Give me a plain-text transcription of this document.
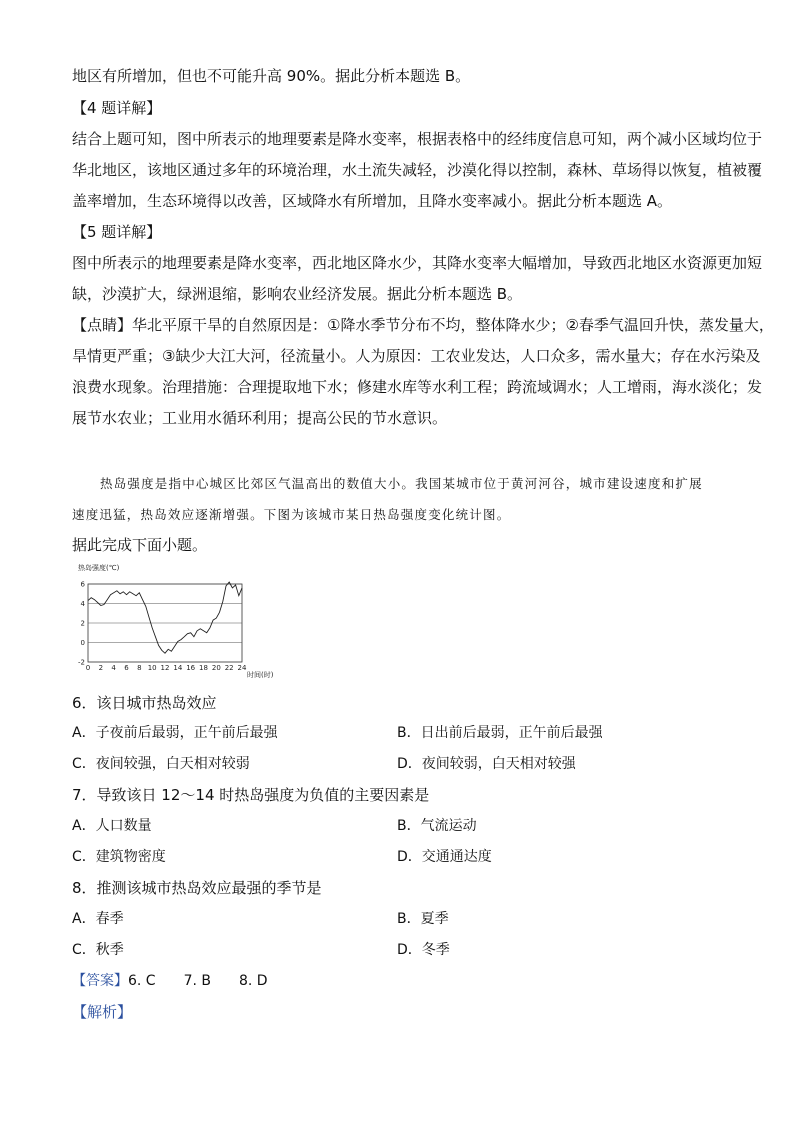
地区有所增加，但也不可能升高 90%。据此分析本题选 B。
【4 题详解】
结合上题可知，图中所表示的地理要素是降水变率，根据表格中的经纬度信息可知，两个减小区域均位于
华北地区，该地区通过多年的环境治理，水土流失减轻，沙漠化得以控制，森林、草场得以恢复，植被覆
盖率增加，生态环境得以改善，区域降水有所增加，且降水变率减小。据此分析本题选 A。
【5 题详解】
图中所表示的地理要素是降水变率，西北地区降水少，其降水变率大幅增加，导致西北地区水资源更加短
缺，沙漠扩大，绿洲退缩，影响农业经济发展。据此分析本题选 B。
【点睛】华北平原干旱的自然原因是：①降水季节分布不均，整体降水少；②春季气温回升快，蒸发量大，
旱情更严重；③缺少大江大河，径流量小。人为原因：工农业发达，人口众多，需水量大；存在水污染及
浪费水现象。治理措施：合理提取地下水；修建水库等水利工程；跨流域调水；人工增雨，海水淡化；发
展节水农业；工业用水循环利用；提高公民的节水意识。
热岛强度是指中心城区比郊区气温高出的数值大小。我国某城市位于黄河河谷，城市建设速度和扩展
速度迅猛，热岛效应逐渐增强。下图为该城市某日热岛强度变化统计图。
据此完成下面小题。
热岛强度(℃)
时间(时)
6
4
2
0
-2
0 2 4 6 8 10 12 14 16 18 20 22 24
6．该日城市热岛效应
A．子夜前后最弱，正午前后最强	B．日出前后最弱，正午前后最强
C．夜间较强，白天相对较弱	D．夜间较弱，白天相对较强
7．导致该日 12～14 时热岛强度为负值的主要因素是
A．人口数量	B．气流运动
C．建筑物密度	D．交通通达度
8．推测该城市热岛效应最强的季节是
A．春季	B．夏季
C．秋季	D．冬季
【答案】6. C　　7. B　　8. D
【解析】
